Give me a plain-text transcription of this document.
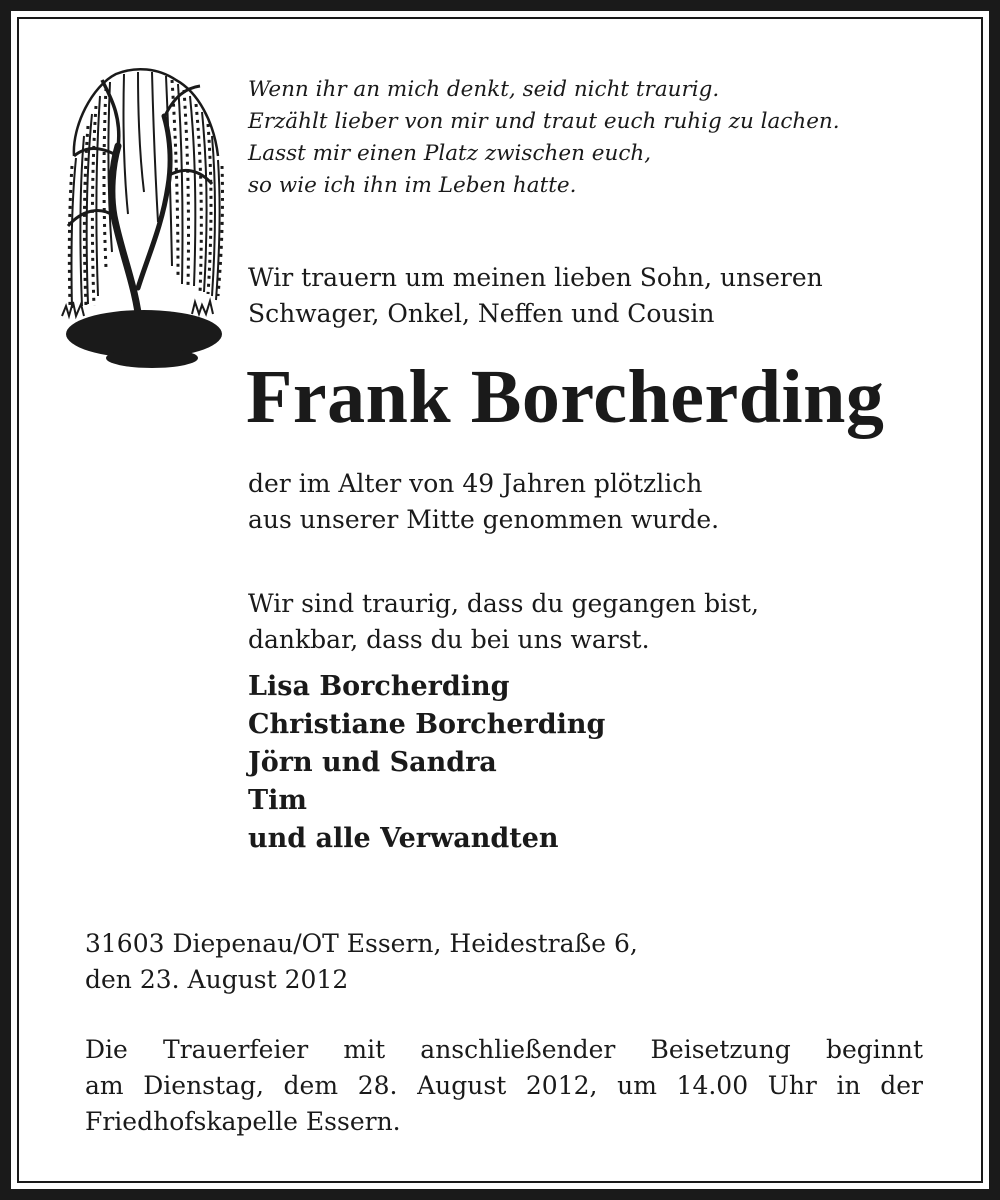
Wenn ihr an mich denkt, seid nicht traurig.
Erzählt lieber von mir und traut euch ruhig zu lachen.
Lasst mir einen Platz zwischen euch,
so wie ich ihn im Leben hatte.

Wir trauern um meinen lieben Sohn, unseren
Schwager, Onkel, Neffen und Cousin

Frank Borcherding

der im Alter von 49 Jahren plötzlich
aus unserer Mitte genommen wurde.

Wir sind traurig, dass du gegangen bist,
dankbar, dass du bei uns warst.

Lisa Borcherding
Christiane Borcherding
Jörn und Sandra
Tim
und alle Verwandten

31603 Diepenau/OT Essern, Heidestraße 6,
den 23. August 2012

Die Trauerfeier mit anschließender Beisetzung beginnt
am Dienstag, dem 28. August 2012, um 14.00 Uhr in der
Friedhofskapelle Essern.
